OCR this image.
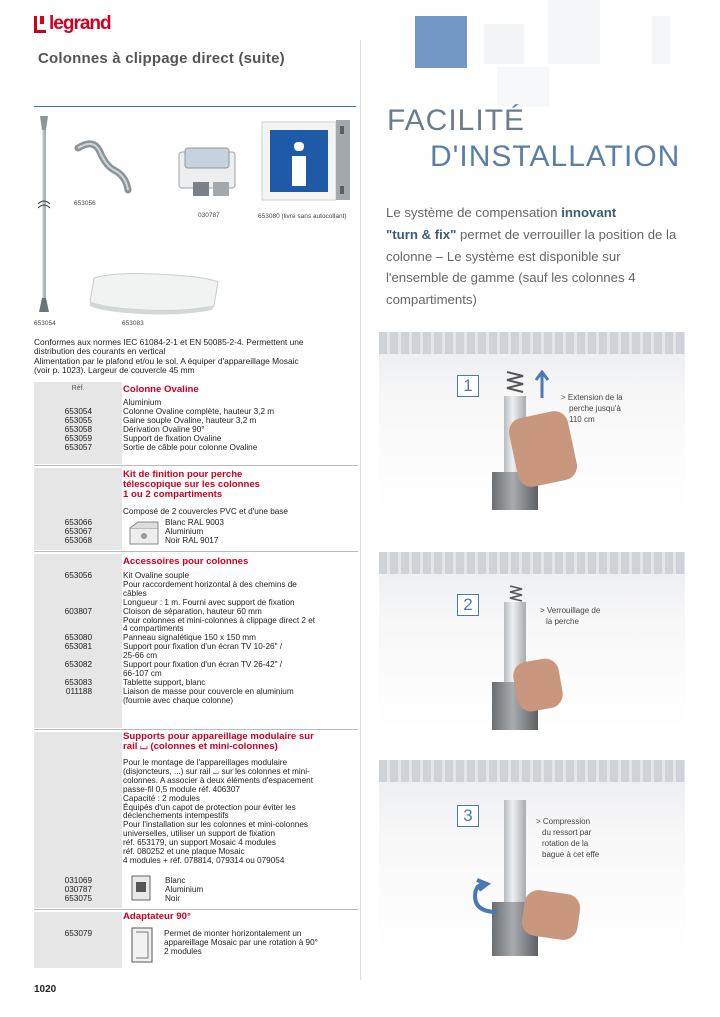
legrand
Colonnes à clippage direct (suite)
653056
030787	653080 (livré sans autocollant)
653054	653083
Conformes aux normes IEC 61084-2-1 et EN 50085-2-4. Permettent une
distribution des courants en vertical
Alimentation par le plafond et/ou le sol. A équiper d'appareillage Mosaic
(voir p. 1023). Largeur de couvercle 45 mm
Réf.	Colonne Ovaline
Aluminium
653054	Colonne Ovaline complète, hauteur 3,2 m
653055	Gaine souple Ovaline, hauteur 3,2 m
653058	Dérivation Ovaline 90°
653059	Support de fixation Ovaline
653057	Sortie de câble pour colonne Ovaline
Kit de finition pour perche
télescopique sur les colonnes
1 ou 2 compartiments
Composé de 2 couvercles PVC et d'une base
653066	Blanc RAL 9003
653067	Aluminium
653068	Noir RAL 9017
Accessoires pour colonnes
653056	Kit Ovaline souple
Pour raccordement horizontal à des chemins de
câbles
Longueur : 1 m. Fourni avec support de fixation
603807	Cloison de séparation, hauteur 60 mm
Pour colonnes et mini-colonnes à clippage direct 2 et
4 compartiments
653080	Panneau signalétique 150 x 150 mm
653081	Support pour fixation d'un écran TV 10-26" /
25-66 cm
653082	Support pour fixation d'un écran TV 26-42" /
66-107 cm
653083	Tablette support, blanc
011188	Liaison de masse pour couvercle en aluminium
(fournie avec chaque colonne)
Supports pour appareillage modulaire sur
rail ⌴ (colonnes et mini-colonnes)
Pour le montage de l'appareillages modulaire
(disjoncteurs, ...) sur rail ⌴ sur les colonnes et mini-
colonnes. A associer à deux éléments d'espacement
passe-fil 0,5 module réf. 406307
Capacité : 2 modules
Équipés d'un capot de protection pour éviter les
déclenchements intempestifs
Pour l'installation sur les colonnes et mini-colonnes
universelles, utiliser un support de fixation
réf. 653179, un support Mosaic 4 modules
réf. 080252 et une plaque Mosaic
4 modules + réf. 078814, 079314 ou 079054
031069	Blanc
030787	Aluminium
653075	Noir
Adaptateur 90°
653079	Permet de monter horizontalement un
appareillage Mosaic par une rotation à 90°
2 modules
FACILITÉ
D'INSTALLATION
Le système de compensation innovant
"turn & fix" permet de verrouiller la position de la colonne – Le système est disponible sur l'ensemble de gamme (sauf les colonnes 4 compartiments)
1
> Extension de la
perche jusqu'à
110 cm
2	> Verrouillage de
la perche
3	> Compression
du ressort par
rotation de la
bague à cet effe
1020
